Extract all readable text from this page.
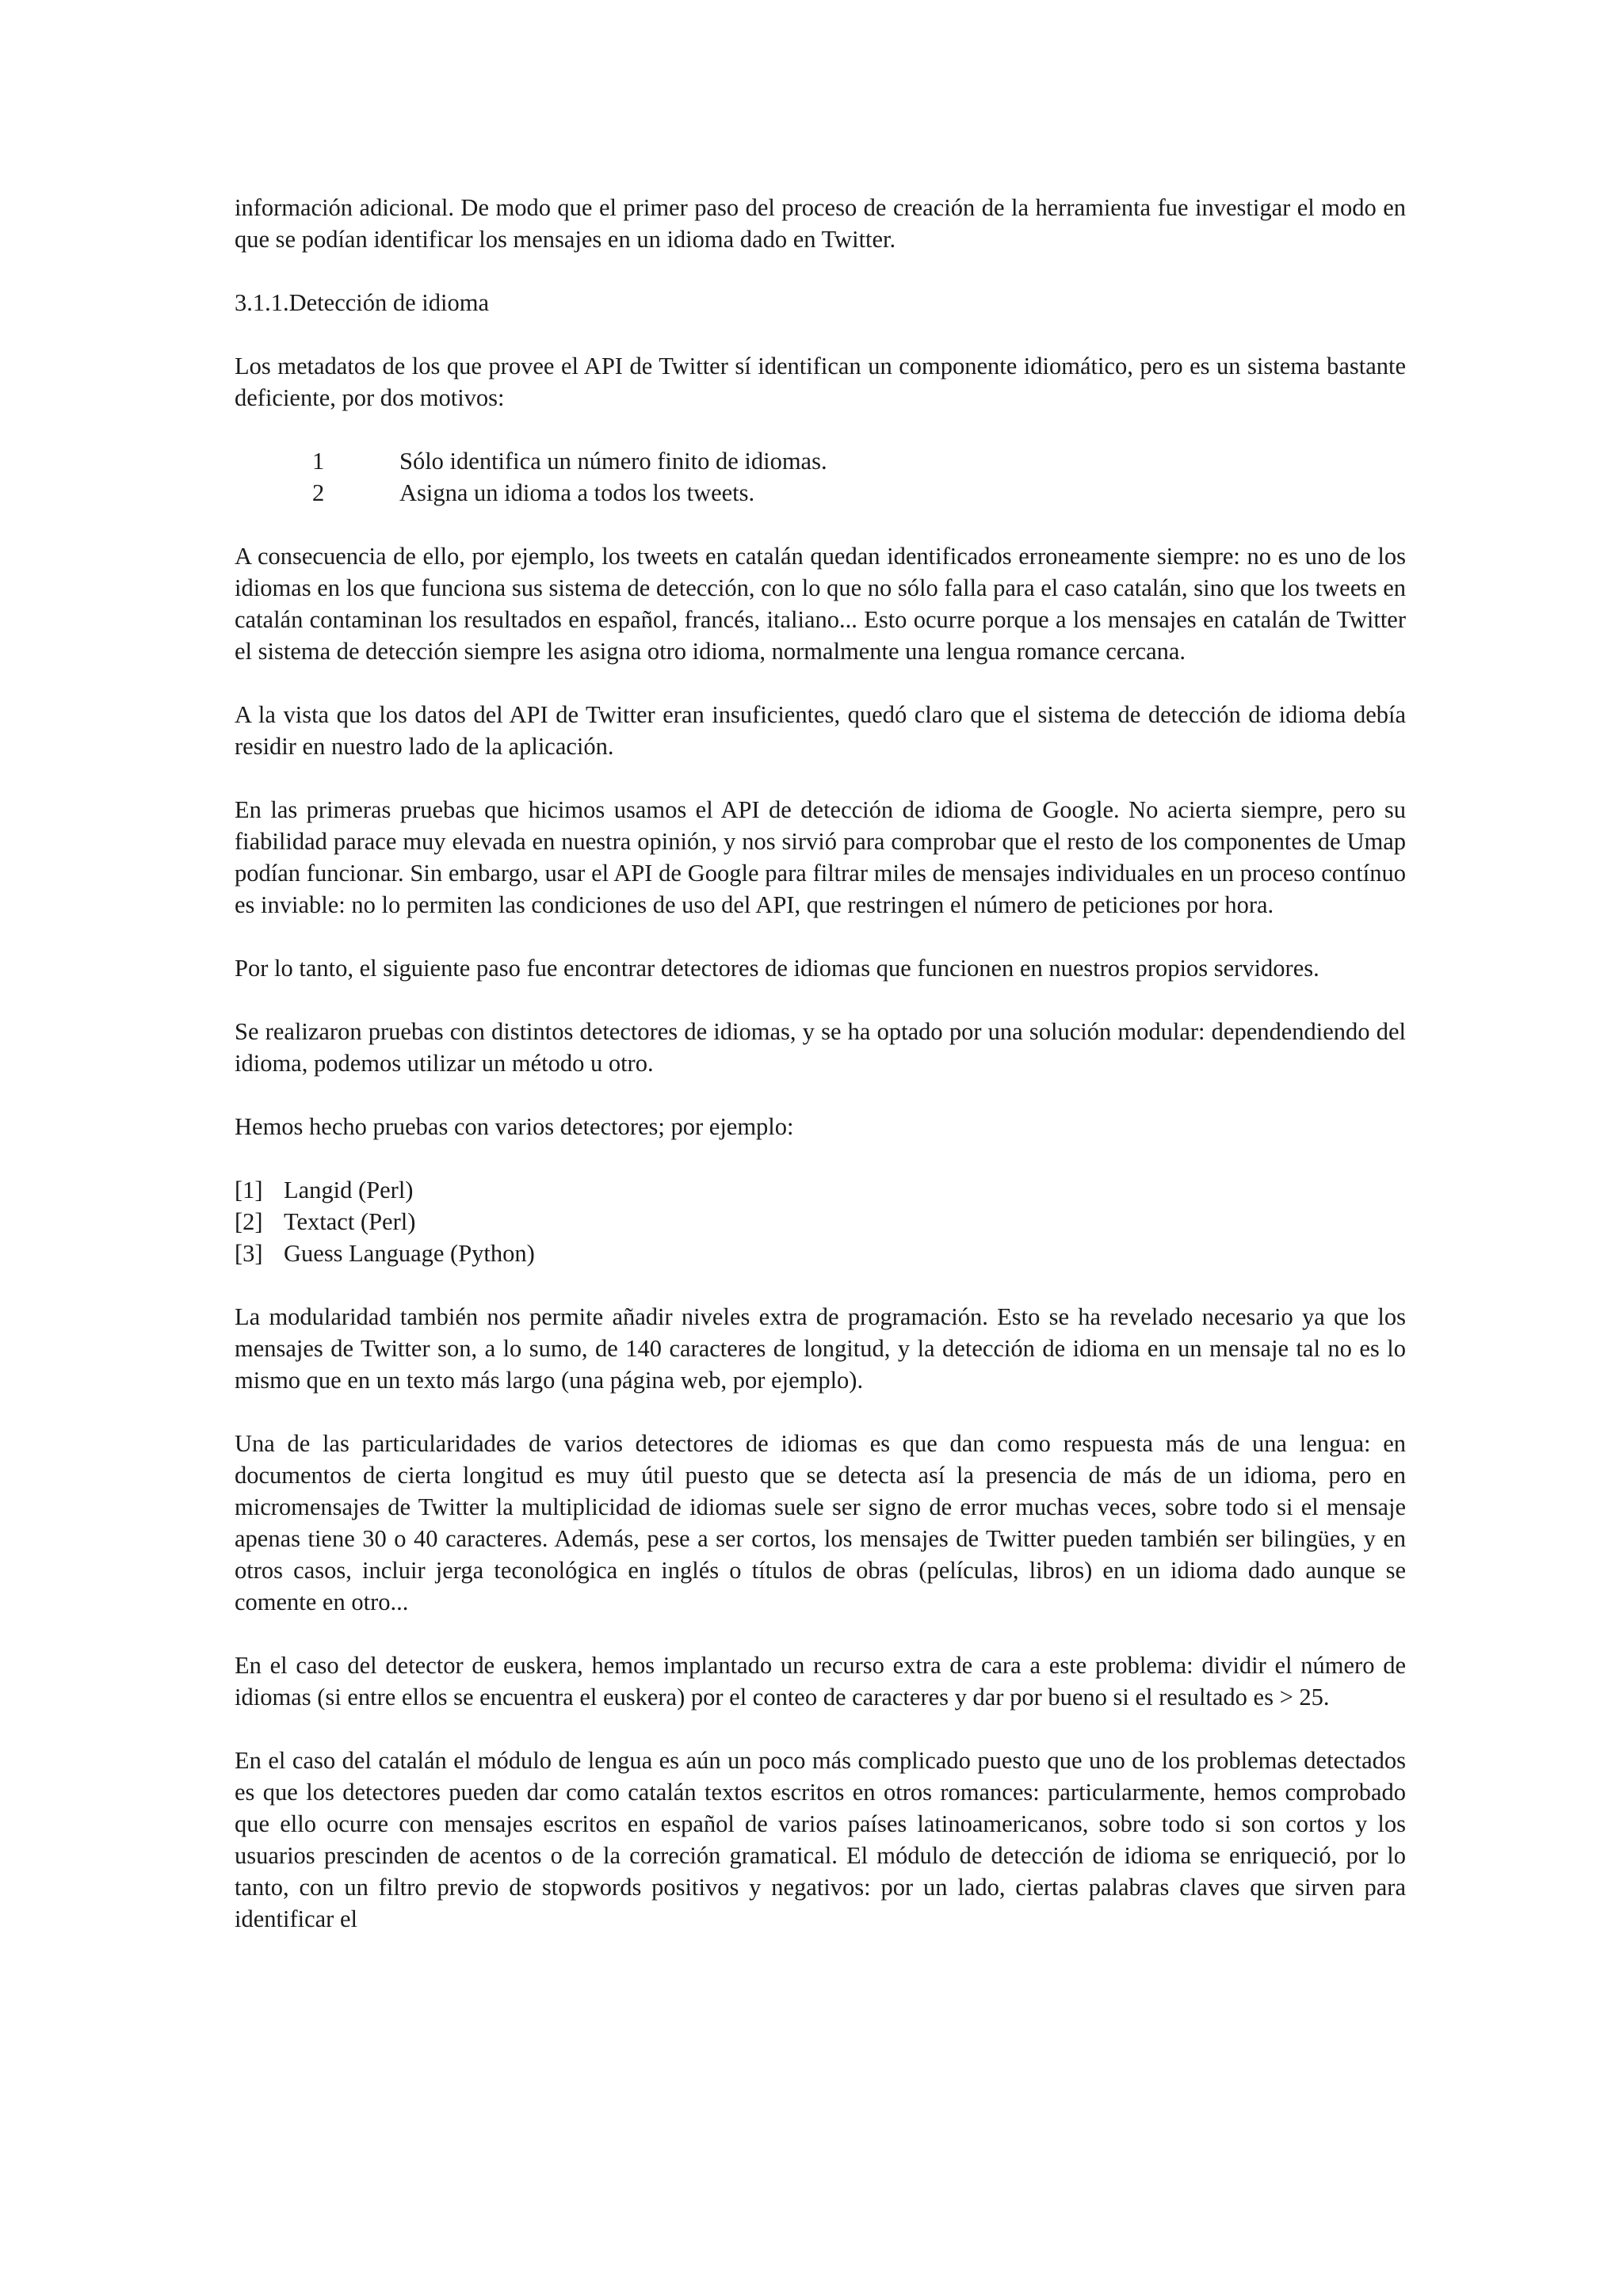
información adicional. De modo que el primer paso del proceso de creación de la herramienta fue investigar el modo en que se podían identificar los mensajes en un idioma dado en Twitter.

3.1.1.Detección de idioma

Los metadatos de los que provee el API de Twitter sí identifican un componente idiomático, pero es un sistema bastante deficiente, por dos motivos:

1	Sólo identifica un número finito de idiomas.
2	Asigna un idioma a todos los tweets.

A consecuencia de ello, por ejemplo, los tweets en catalán quedan identificados erroneamente siempre: no es uno de los idiomas en los que funciona sus sistema de detección, con lo que no sólo falla para el caso catalán, sino que los tweets en catalán contaminan los resultados en español, francés, italiano... Esto ocurre porque a los mensajes en catalán de Twitter el sistema de detección siempre les asigna otro idioma, normalmente una lengua romance cercana.

A la vista que los datos del API de Twitter eran insuficientes, quedó claro que el sistema de detección de idioma debía residir en nuestro lado de la aplicación.

En las primeras pruebas que hicimos usamos el API de detección de idioma de Google. No acierta siempre, pero su fiabilidad parace muy elevada en nuestra opinión, y nos sirvió para comprobar que el resto de los componentes de Umap podían funcionar. Sin embargo, usar el API de Google para filtrar miles de mensajes individuales en un proceso contínuo es inviable: no lo permiten las condiciones de uso del API, que restringen el número de peticiones por hora.

Por lo tanto, el siguiente paso fue encontrar detectores de idiomas que funcionen en nuestros propios servidores.

Se realizaron pruebas con distintos detectores de idiomas, y se ha optado por una solución modular: dependendiendo del idioma, podemos utilizar un método u otro.

Hemos hecho pruebas con varios detectores; por ejemplo:

[1] Langid (Perl)
[2] Textact (Perl)
[3] Guess Language (Python)

La modularidad también nos permite añadir niveles extra de programación. Esto se ha revelado necesario ya que los mensajes de Twitter son, a lo sumo, de 140 caracteres de longitud, y la detección de idioma en un mensaje tal no es lo mismo que en un texto más largo (una página web, por ejemplo).

Una de las particularidades de varios detectores de idiomas es que dan como respuesta más de una lengua: en documentos de cierta longitud es muy útil puesto que se detecta así la presencia de más de un idioma, pero en micromensajes de Twitter la multiplicidad de idiomas suele ser signo de error muchas veces, sobre todo si el mensaje apenas tiene 30 o 40 caracteres. Además, pese a ser cortos, los mensajes de Twitter pueden también ser bilingües, y en otros casos, incluir jerga teconológica en inglés o títulos de obras (películas, libros) en un idioma dado aunque se comente en otro...

En el caso del detector de euskera, hemos implantado un recurso extra de cara a este problema: dividir el número de idiomas (si entre ellos se encuentra el euskera) por el conteo de caracteres y dar por bueno si el resultado es > 25.

En el caso del catalán el módulo de lengua es aún un poco más complicado puesto que uno de los problemas detectados es que los detectores pueden dar como catalán textos escritos en otros romances: particularmente, hemos comprobado que ello ocurre con mensajes escritos en español de varios países latinoamericanos, sobre todo si son cortos y los usuarios prescinden de acentos o de la correción gramatical. El módulo de detección de idioma se enriqueció, por lo tanto, con un filtro previo de stopwords positivos y negativos: por un lado, ciertas palabras claves que sirven para identificar el
